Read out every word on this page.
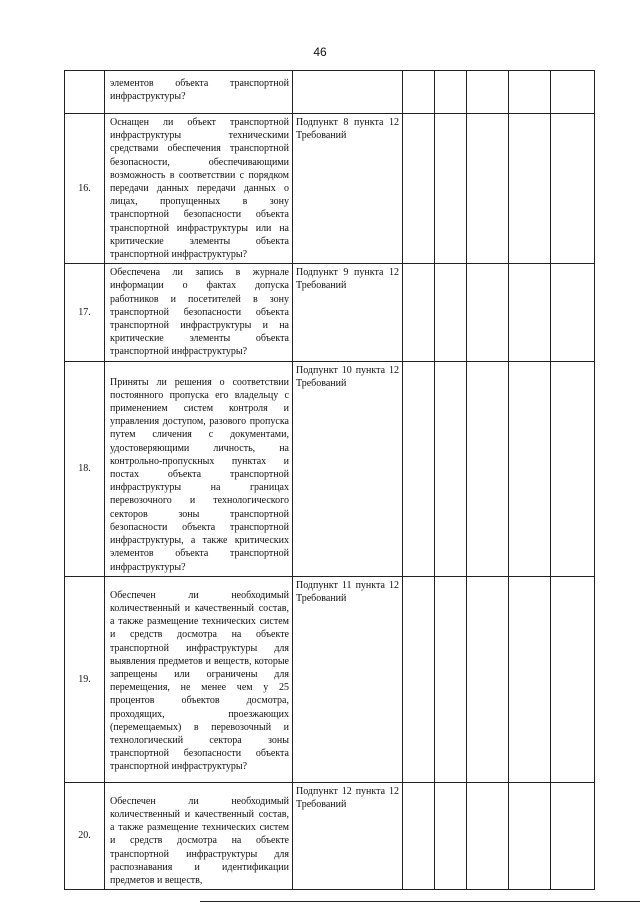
46

	элементов объекта транспортной инфраструктуры?						

16.	Оснащен ли объект транспортной инфраструктуры техническими средствами обеспечения транспортной безопасности, обеспечивающими возможность в соответствии с порядком передачи данных передачи данных о лицах, пропущенных в зону транспортной безопасности объекта транспортной инфраструктуры или на критические элементы объекта транспортной инфраструктуры?	Подпункт 8 пункта 12 Требований					
17.	Обеспечена ли запись в журнале информации о фактах допуска работников и посетителей в зону транспортной безопасности объекта транспортной инфраструктуры и на критические элементы объекта транспортной инфраструктуры?	Подпункт 9 пункта 12 Требований					
18.	Приняты ли решения о соответствии постоянного пропуска его владельцу с применением систем контроля и управления доступом, разового пропуска путем сличения с документами, удостоверяющими личность, на контрольно-пропускных пунктах и постах объекта транспортной инфраструктуры на границах перевозочного и технологического секторов зоны транспортной безопасности объекта транспортной инфраструктуры, а также критических элементов объекта транспортной инфраструктуры?	Подпункт 10 пункта 12 Требований					
19.	Обеспечен ли необходимый количественный и качественный состав, а также размещение технических систем и средств досмотра на объекте транспортной инфраструктуры для выявления предметов и веществ, которые запрещены или ограничены для перемещения, не менее чем у 25 процентов объектов досмотра, проходящих, проезжающих (перемещаемых) в перевозочный и технологический сектора зоны транспортной безопасности объекта транспортной инфраструктуры?	Подпункт 11 пункта 12 Требований					
20.	Обеспечен ли необходимый количественный и качественный состав, а также размещение технических систем и средств досмотра на объекте транспортной инфраструктуры для распознавания и идентификации предметов и веществ,	Подпункт 12 пункта 12 Требований					
